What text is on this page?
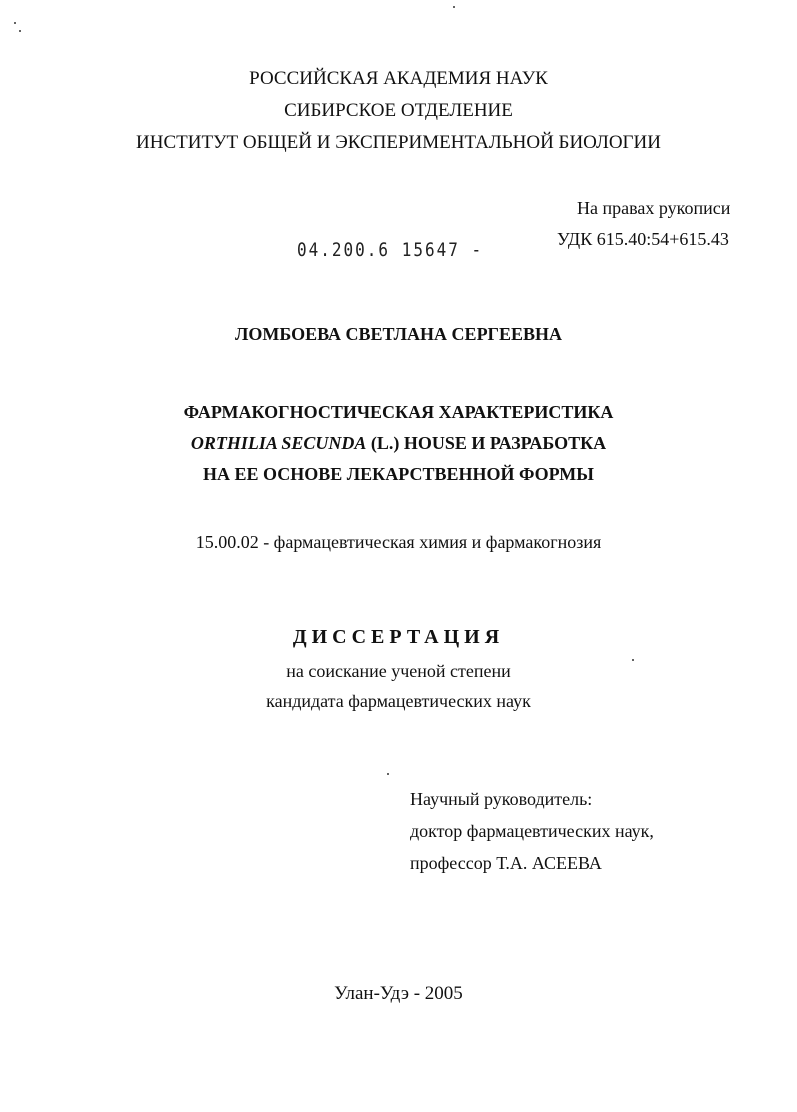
РОССИЙСКАЯ АКАДЕМИЯ НАУК
СИБИРСКОЕ ОТДЕЛЕНИЕ
ИНСТИТУТ ОБЩЕЙ И ЭКСПЕРИМЕНТАЛЬНОЙ БИОЛОГИИ
На правах рукописи
УДК 615.40:54+615.43
04.200.6 15647 -
ЛОМБОЕВА СВЕТЛАНА СЕРГЕЕВНА
ФАРМАКОГНОСТИЧЕСКАЯ ХАРАКТЕРИСТИКА
ORTHILIA SECUNDA (L.) HOUSE И РАЗРАБОТКА
НА ЕЕ ОСНОВЕ ЛЕКАРСТВЕННОЙ ФОРМЫ
15.00.02 - фармацевтическая химия и фармакогнозия
ДИССЕРТАЦИЯ
на соискание ученой степени
кандидата фармацевтических наук
Научный руководитель:
доктор фармацевтических наук,
профессор Т.А. АСЕЕВА
Улан-Удэ - 2005
